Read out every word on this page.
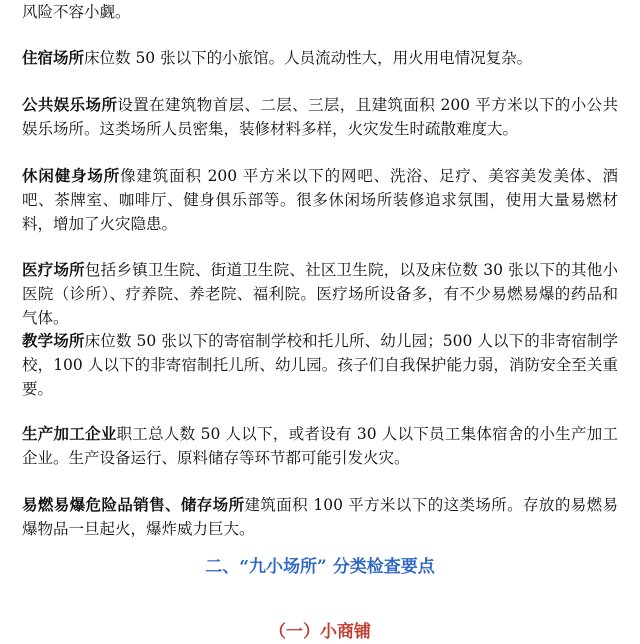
风险不容小觑。

住宿场所床位数 50 张以下的小旅馆。人员流动性大，用火用电情况复杂。

公共娱乐场所设置在建筑物首层、二层、三层，且建筑面积 200 平方米以下的小公共娱乐场所。这类场所人员密集，装修材料多样，火灾发生时疏散难度大。

休闲健身场所像建筑面积 200 平方米以下的网吧、洗浴、足疗、美容美发美体、酒吧、茶牌室、咖啡厅、健身俱乐部等。很多休闲场所装修追求氛围，使用大量易燃材料，增加了火灾隐患。

医疗场所包括乡镇卫生院、街道卫生院、社区卫生院，以及床位数 30 张以下的其他小医院（诊所）、疗养院、养老院、福利院。医疗场所设备多，有不少易燃易爆的药品和气体。

教学场所床位数 50 张以下的寄宿制学校和托儿所、幼儿园；500 人以下的非寄宿制学校，100 人以下的非寄宿制托儿所、幼儿园。孩子们自我保护能力弱，消防安全至关重要。

生产加工企业职工总人数 50 人以下，或者设有 30 人以下员工集体宿舍的小生产加工企业。生产设备运行、原料储存等环节都可能引发火灾。

易燃易爆危险品销售、储存场所建筑面积 100 平方米以下的这类场所。存放的易燃易爆物品一旦起火，爆炸威力巨大。

二、“九小场所” 分类检查要点
（一）小商铺
